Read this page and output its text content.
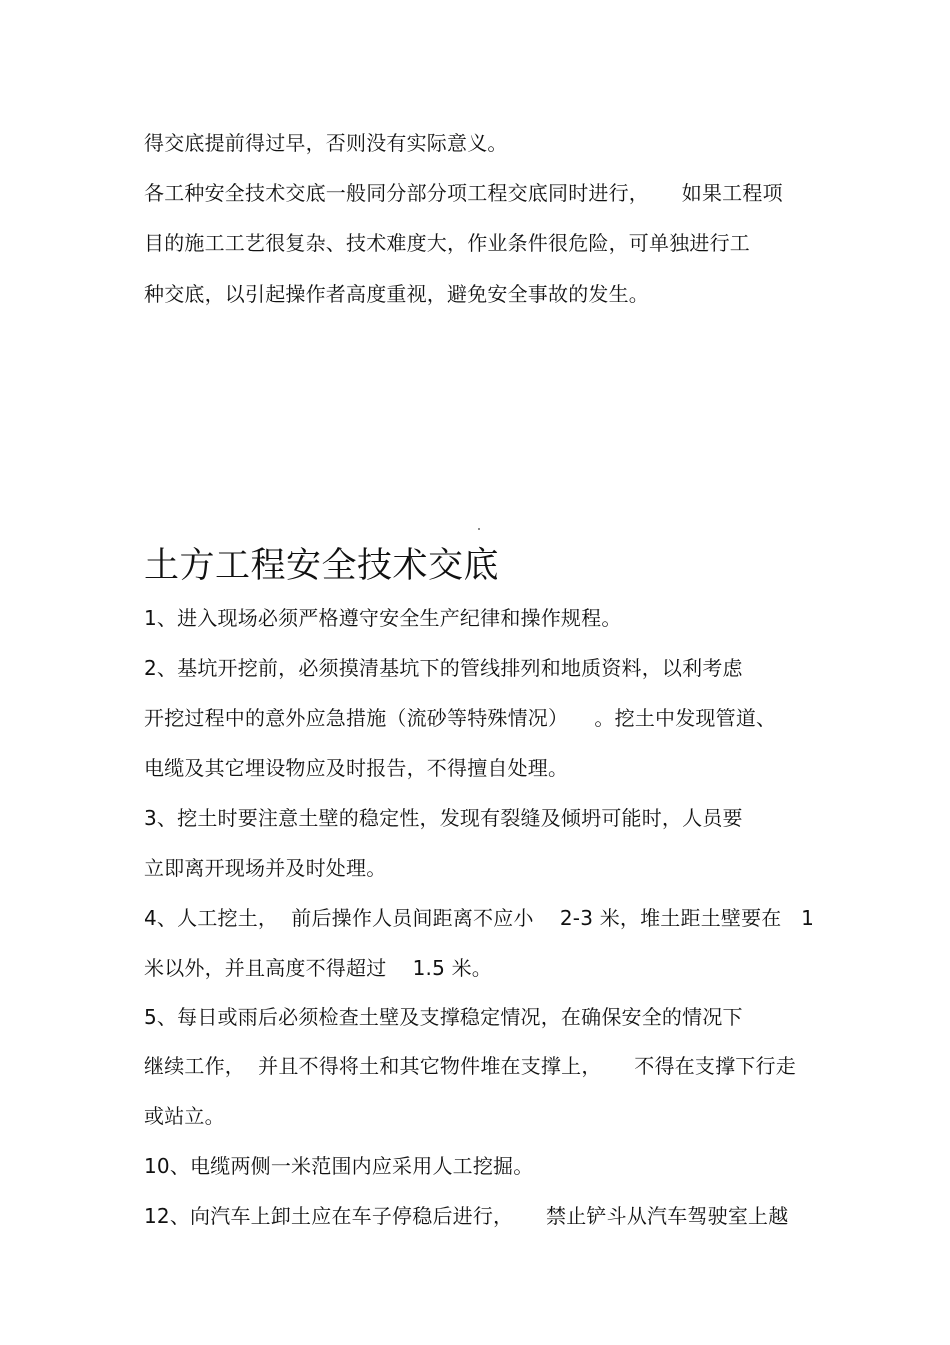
得交底提前得过早，否则没有实际意义。
各工种安全技术交底一般同分部分项工程交底同时进行，     如果工程项
目的施工工艺很复杂、技术难度大，作业条件很危险，可单独进行工
种交底，以引起操作者高度重视，避免安全事故的发生。
土方工程安全技术交底
1、进入现场必须严格遵守安全生产纪律和操作规程。
2、基坑开挖前，必须摸清基坑下的管线排列和地质资料，以利考虑
开挖过程中的意外应急措施（流砂等特殊情况）    。挖土中发现管道、
电缆及其它埋设物应及时报告，不得擅自处理。
3、挖土时要注意土壁的稳定性，发现有裂缝及倾坍可能时，人员要
立即离开现场并及时处理。
4、人工挖土，  前后操作人员间距离不应小    2-3 米，堆土距土壁要在   1
米以外，并且高度不得超过    1.5 米。
5、每日或雨后必须检查土壁及支撑稳定情况，在确保安全的情况下
继续工作，  并且不得将土和其它物件堆在支撑上，     不得在支撑下行走
或站立。
10、电缆两侧一米范围内应采用人工挖掘。
12、向汽车上卸土应在车子停稳后进行，     禁止铲斗从汽车驾驶室上越
